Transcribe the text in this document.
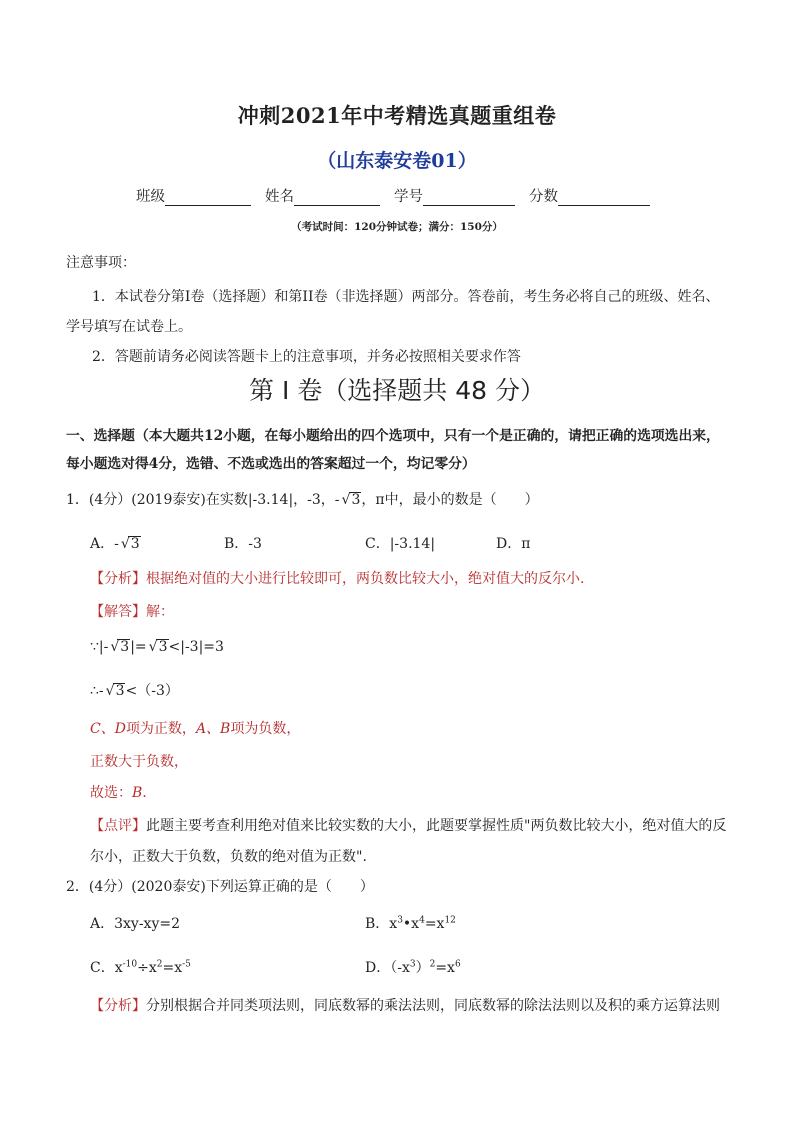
冲刺2021年中考精选真题重组卷
（山东泰安卷01）
班级	姓名	学号	分数
（考试时间：120分钟试卷；满分：150分）
注意事项：
1．本试卷分第I卷（选择题）和第II卷（非选择题）两部分。答卷前，考生务必将自己的班级、姓名、
学号填写在试卷上。
2．答题前请务必阅读答题卡上的注意事项，并务必按照相关要求作答
第 I 卷（选择题共 48 分）
一、选择题（本大题共12小题，在每小题给出的四个选项中，只有一个是正确的，请把正确的选项选出来，
每小题选对得4分，选错、不选或选出的答案超过一个，均记零分）
1．(4分）(2019泰安)在实数|-3.14|，-3，- √ 3，π中，最小的数是（　　）
A．- √ 3	B．-3	C．|-3.14|	D．π
【分析】根据绝对值的大小进行比较即可，两负数比较大小，绝对值大的反尔小.
【解答】解：
∵|- √ 3|= √ 3<|-3|=3
∴- √ 3<（-3）
C、D项为正数，A、B项为负数，
正数大于负数，
故选：B.
【点评】此题主要考查利用绝对值来比较实数的大小，此题要掌握性质"两负数比较大小，绝对值大的反
尔小，正数大于负数，负数的绝对值为正数".
2．(4分）(2020泰安)下列运算正确的是（　　）
A．3xy-xy=2	B．$x^3•x^4=x^{12}$
C．$x^{-10}\div x^2=x^{-5}$	D．$(-x^3)^2=x^6$
【分析】分别根据合并同类项法则，同底数幂的乘法法则，同底数幂的除法法则以及积的乘方运算法则
